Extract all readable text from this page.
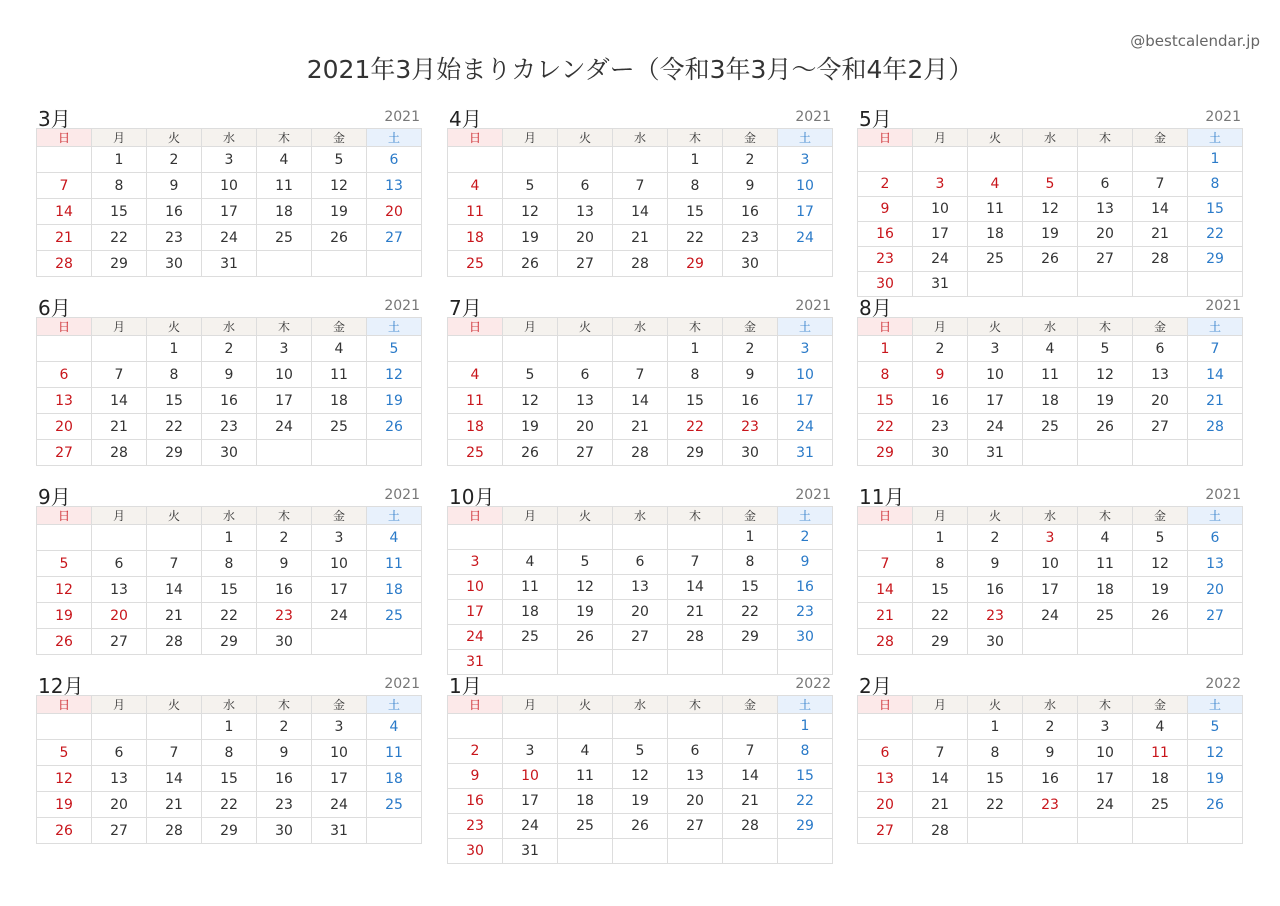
@bestcalendar.jp
2021年3月始まりカレンダー（令和3年3月〜令和4年2月）
3月	2021
日	月	火	水	木	金	土
	1	2	3	4	5	6
7	8	9	10	11	12	13
14	15	16	17	18	19	20
21	22	23	24	25	26	27
28	29	30	31			
4月	2021
日	月	火	水	木	金	土
				1	2	3
4	5	6	7	8	9	10
11	12	13	14	15	16	17
18	19	20	21	22	23	24
25	26	27	28	29	30	
5月	2021
日	月	火	水	木	金	土
						1
2	3	4	5	6	7	8
9	10	11	12	13	14	15
16	17	18	19	20	21	22
23	24	25	26	27	28	29
30	31					
6月	2021
日	月	火	水	木	金	土
		1	2	3	4	5
6	7	8	9	10	11	12
13	14	15	16	17	18	19
20	21	22	23	24	25	26
27	28	29	30			
7月	2021
日	月	火	水	木	金	土
				1	2	3
4	5	6	7	8	9	10
11	12	13	14	15	16	17
18	19	20	21	22	23	24
25	26	27	28	29	30	31
8月	2021
日	月	火	水	木	金	土
1	2	3	4	5	6	7
8	9	10	11	12	13	14
15	16	17	18	19	20	21
22	23	24	25	26	27	28
29	30	31				
9月	2021
日	月	火	水	木	金	土
			1	2	3	4
5	6	7	8	9	10	11
12	13	14	15	16	17	18
19	20	21	22	23	24	25
26	27	28	29	30		
10月	2021
日	月	火	水	木	金	土
					1	2
3	4	5	6	7	8	9
10	11	12	13	14	15	16
17	18	19	20	21	22	23
24	25	26	27	28	29	30
31						
11月	2021
日	月	火	水	木	金	土
	1	2	3	4	5	6
7	8	9	10	11	12	13
14	15	16	17	18	19	20
21	22	23	24	25	26	27
28	29	30				
12月	2021
日	月	火	水	木	金	土
			1	2	3	4
5	6	7	8	9	10	11
12	13	14	15	16	17	18
19	20	21	22	23	24	25
26	27	28	29	30	31	
1月	2022
日	月	火	水	木	金	土
						1
2	3	4	5	6	7	8
9	10	11	12	13	14	15
16	17	18	19	20	21	22
23	24	25	26	27	28	29
30	31					
2月	2022
日	月	火	水	木	金	土
		1	2	3	4	5
6	7	8	9	10	11	12
13	14	15	16	17	18	19
20	21	22	23	24	25	26
27	28					
